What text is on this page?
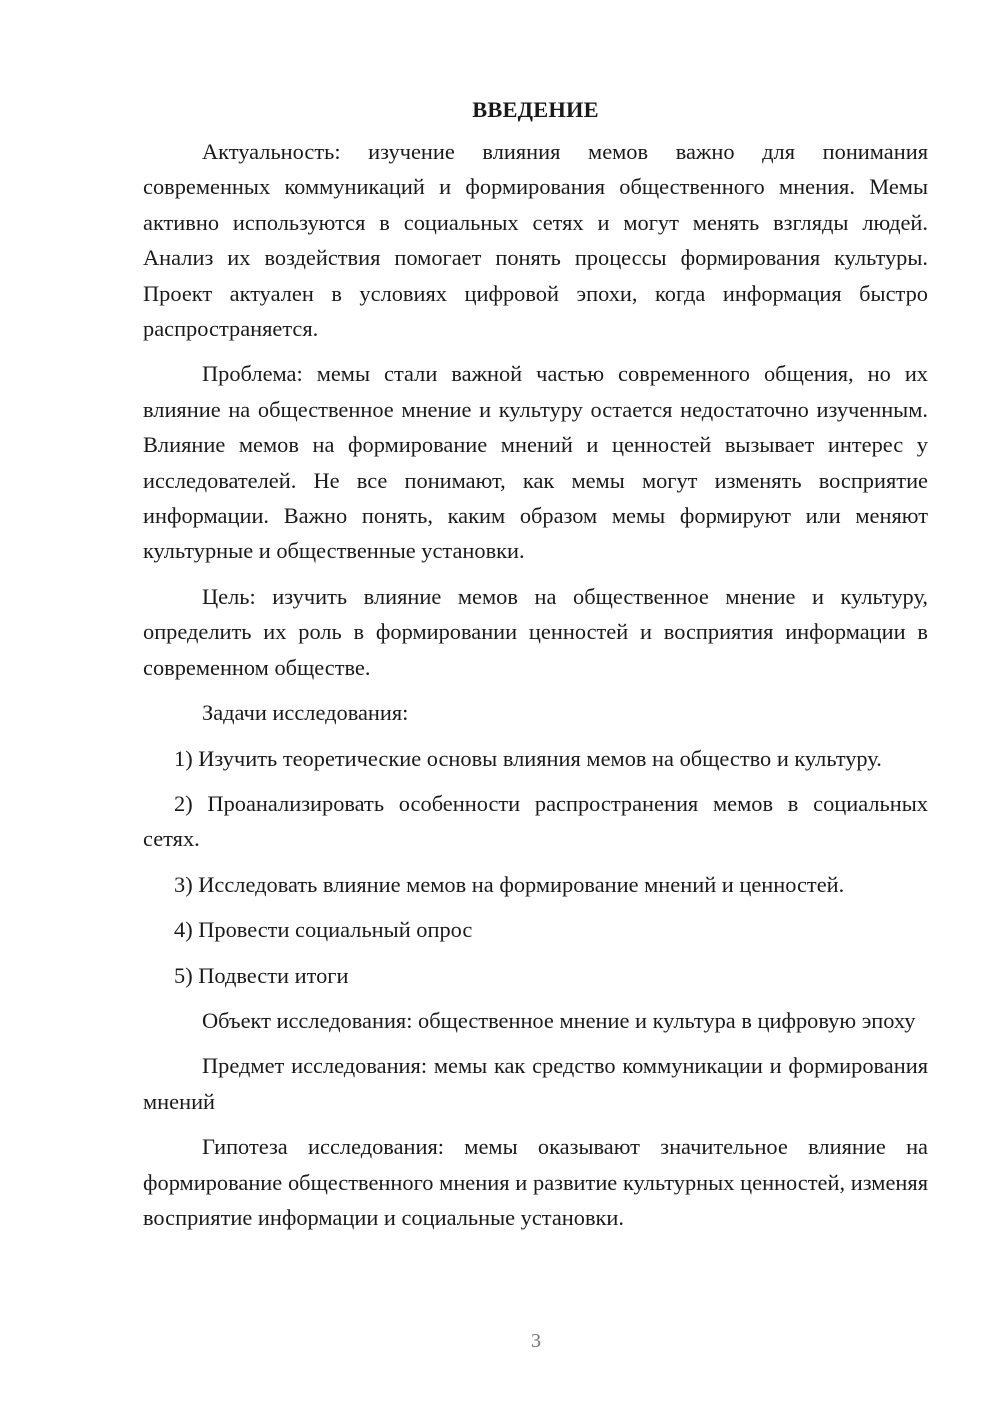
ВВЕДЕНИЕ

Актуальность: изучение влияния мемов важно для понимания современных коммуникаций и формирования общественного мнения. Мемы активно используются в социальных сетях и могут менять взгляды людей. Анализ их воздействия помогает понять процессы формирования культуры. Проект актуален в условиях цифровой эпохи, когда информация быстро распространяется.

Проблема: мемы стали важной частью современного общения, но их влияние на общественное мнение и культуру остается недостаточно изученным. Влияние мемов на формирование мнений и ценностей вызывает интерес у исследователей. Не все понимают, как мемы могут изменять восприятие информации. Важно понять, каким образом мемы формируют или меняют культурные и общественные установки.

Цель: изучить влияние мемов на общественное мнение и культуру, определить их роль в формировании ценностей и восприятия информации в современном обществе.

Задачи исследования:

1) Изучить теоретические основы влияния мемов на общество и культуру.

2) Проанализировать особенности распространения мемов в социальных сетях.

3) Исследовать влияние мемов на формирование мнений и ценностей.

4) Провести социальный опрос

5) Подвести итоги

Объект исследования: общественное мнение и культура в цифровую эпоху

Предмет исследования: мемы как средство коммуникации и формирования мнений

Гипотеза исследования: мемы оказывают значительное влияние на формирование общественного мнения и развитие культурных ценностей, изменяя восприятие информации и социальные установки.

3
